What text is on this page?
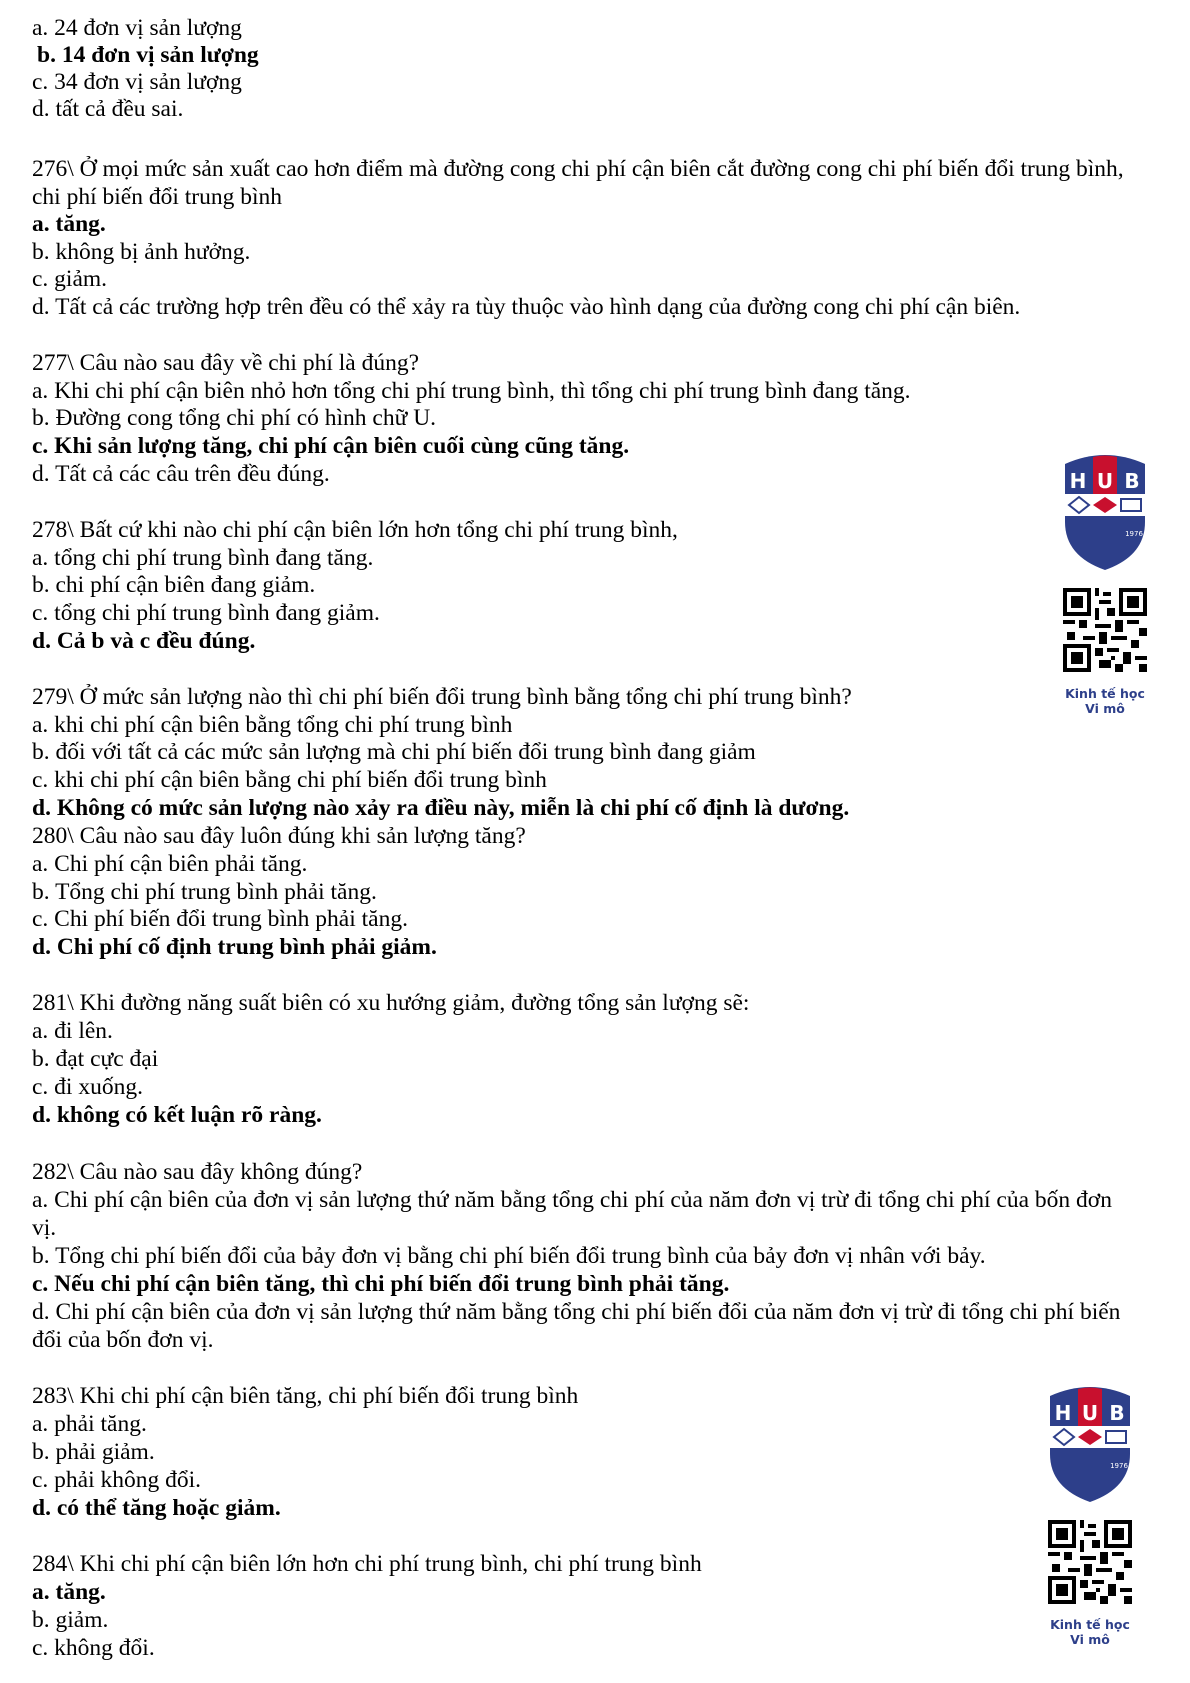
a. 24 đơn vị sản lượng
b. 14 đơn vị sản lượng
c. 34 đơn vị sản lượng
d. tất cả đều sai.
276\ Ở mọi mức sản xuất cao hơn điểm mà đường cong chi phí cận biên cắt đường cong chi phí biến đổi trung bình,
chi phí biến đổi trung bình
a. tăng.
b. không bị ảnh hưởng.
c. giảm.
d. Tất cả các trường hợp trên đều có thể xảy ra tùy thuộc vào hình dạng của đường cong chi phí cận biên.
277\ Câu nào sau đây về chi phí là đúng?
a. Khi chi phí cận biên nhỏ hơn tổng chi phí trung bình, thì tổng chi phí trung bình đang tăng.
b. Đường cong tổng chi phí có hình chữ U.
c. Khi sản lượng tăng, chi phí cận biên cuối cùng cũng tăng.
d. Tất cả các câu trên đều đúng.
278\ Bất cứ khi nào chi phí cận biên lớn hơn tổng chi phí trung bình,
a. tổng chi phí trung bình đang tăng.
b. chi phí cận biên đang giảm.
c. tổng chi phí trung bình đang giảm.
d. Cả b và c đều đúng.
279\ Ở mức sản lượng nào thì chi phí biến đổi trung bình bằng tổng chi phí trung bình?
a. khi chi phí cận biên bằng tổng chi phí trung bình
b. đối với tất cả các mức sản lượng mà chi phí biến đổi trung bình đang giảm
c. khi chi phí cận biên bằng chi phí biến đổi trung bình
d. Không có mức sản lượng nào xảy ra điều này, miễn là chi phí cố định là dương.
280\ Câu nào sau đây luôn đúng khi sản lượng tăng?
a. Chi phí cận biên phải tăng.
b. Tổng chi phí trung bình phải tăng.
c. Chi phí biến đổi trung bình phải tăng.
d. Chi phí cố định trung bình phải giảm.
281\ Khi đường năng suất biên có xu hướng giảm, đường tổng sản lượng sẽ:
a. đi lên.
b. đạt cực đại
c. đi xuống.
d. không có kết luận rõ ràng.
282\ Câu nào sau đây không đúng?
a. Chi phí cận biên của đơn vị sản lượng thứ năm bằng tổng chi phí của năm đơn vị trừ đi tổng chi phí của bốn đơn
vị.
b. Tổng chi phí biến đổi của bảy đơn vị bằng chi phí biến đổi trung bình của bảy đơn vị nhân với bảy.
c. Nếu chi phí cận biên tăng, thì chi phí biến đổi trung bình phải tăng.
d. Chi phí cận biên của đơn vị sản lượng thứ năm bằng tổng chi phí biến đổi của năm đơn vị trừ đi tổng chi phí biến
đổi của bốn đơn vị.
283\ Khi chi phí cận biên tăng, chi phí biến đổi trung bình
a. phải tăng.
b. phải giảm.
c. phải không đổi.
d. có thể tăng hoặc giảm.
284\ Khi chi phí cận biên lớn hơn chi phí trung bình, chi phí trung bình
a. tăng.
b. giảm.
c. không đổi.
H U B
1976
Kinh tế học
Vi mô
H U B
1976
Kinh tế học
Vi mô
